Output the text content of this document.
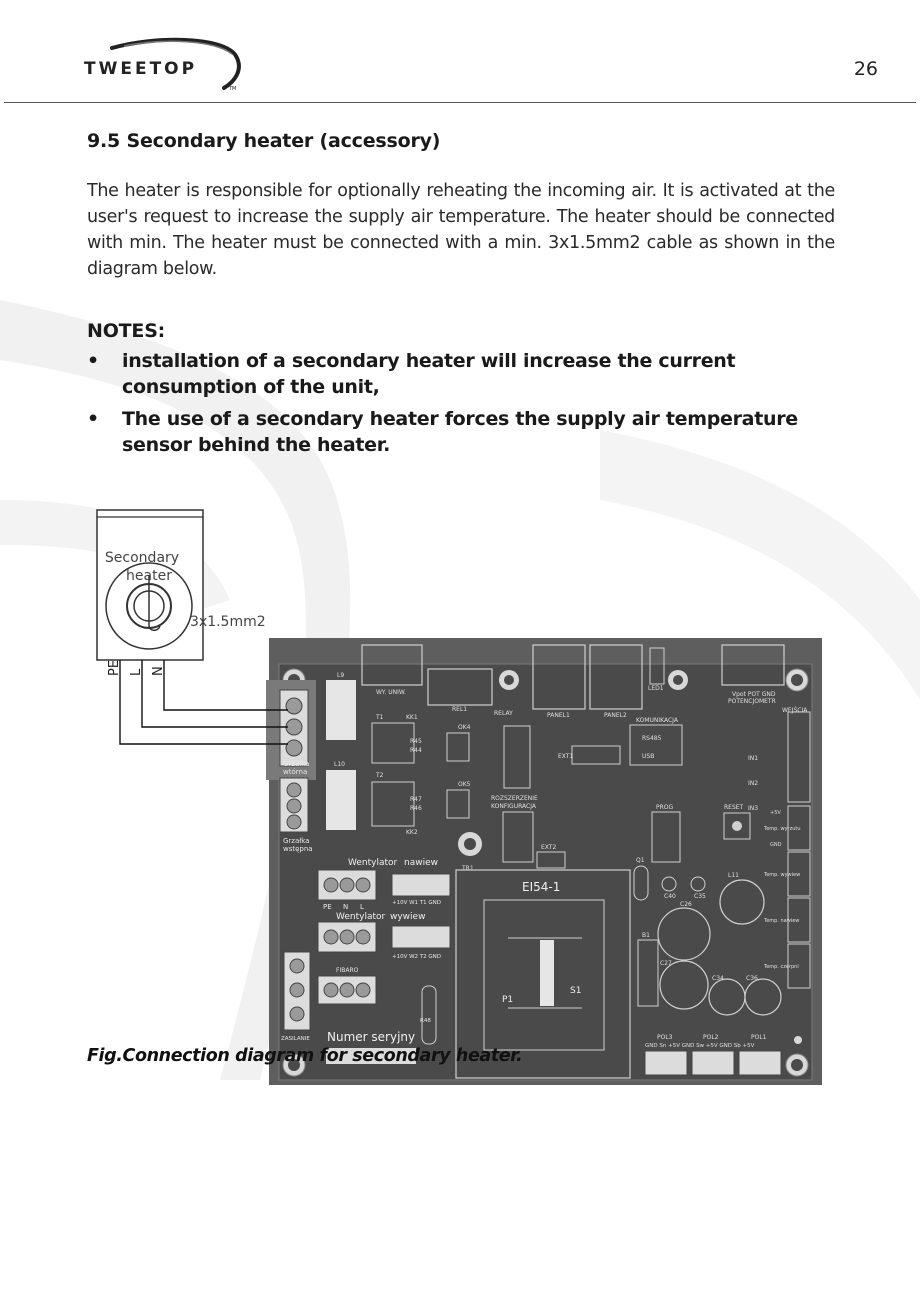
TWEETOP
TM
26
9.5 Secondary heater (accessory)

The heater is responsible for optionally reheating the incoming air. It is activated at the user's request to increase the supply air temperature. The heater should be connected with min. The heater must be connected with a min. 3x1.5mm2 cable as shown in the diagram below.

NOTES:
• installation of a secondary heater will increase the current consumption of the unit,
• The use of a secondary heater forces the supply air temperature sensor behind the heater.
Secondary
heater
3x1.5mm2
PE L N
WY. UNIW.
REL1
RELAY	PANEL1	PANEL2
LED1
Vpot POT GND
POTENCJOMETR
WEJŚCIA
Grzałka
wtórna
Grzałka
wstępna
L9
L10
T1	KK1
OK4
R45
R44
T2
OK5
R47
R46
KK2
KOMUNIKACJA
RS485
USB
EXT1
ROZSZERZENIE
KONFIGURACJA	PROG	RESET
IN1
IN2
IN3
TR1
EXT2
Temp. wyrzutu
Temp. wywiew
Temp. nawiew
Temp. czerpni
+5V
GND
Wentylator nawiew
PE N L	+10V W1 T1 GND
Wentylator wywiew
+10V W2 T2 GND
FIBARO
ZASILANIE
R48
Numer seryjny
EI54-1
P1
S1
C26
C27
C34	C36
L11
C40	C35
Q1
B1
POL3	POL2	POL1
GND Sn +5V GND Sw +5V GND Sb +5V
Fig.Connection diagram for secondary heater.
